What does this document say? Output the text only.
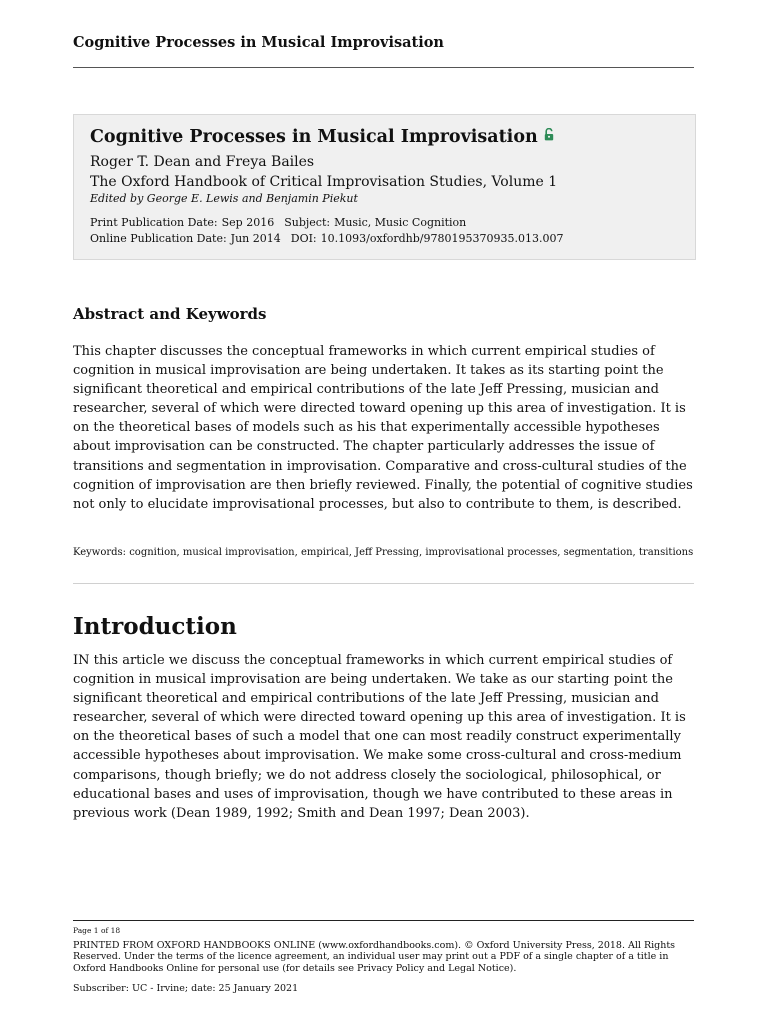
Cognitive Processes in Musical Improvisation
Cognitive Processes in Musical Improvisation
Roger T. Dean and Freya Bailes
The Oxford Handbook of Critical Improvisation Studies, Volume 1
Edited by George E. Lewis and Benjamin Piekut
Print Publication Date: Sep 2016 Subject: Music, Music Cognition
Online Publication Date: Jun 2014 DOI: 10.1093/oxfordhb/9780195370935.013.007
Abstract and Keywords

This chapter discusses the conceptual frameworks in which current empirical studies of cognition in musical improvisation are being undertaken. It takes as its starting point the significant theoretical and empirical contributions of the late Jeff Pressing, musician and researcher, several of which were directed toward opening up this area of investigation. It is on the theoretical bases of models such as his that experimentally accessible hypotheses about improvisation can be constructed. The chapter particularly addresses the issue of transitions and segmentation in improvisation. Comparative and cross-cultural studies of the cognition of improvisation are then briefly reviewed. Finally, the potential of cognitive studies not only to elucidate improvisational processes, but also to contribute to them, is described.

Keywords: cognition, musical improvisation, empirical, Jeff Pressing, improvisational processes, segmentation, transitions

Introduction

IN this article we discuss the conceptual frameworks in which current empirical studies of cognition in musical improvisation are being undertaken. We take as our starting point the significant theoretical and empirical contributions of the late Jeff Pressing, musician and researcher, several of which were directed toward opening up this area of investigation. It is on the theoretical bases of such a model that one can most readily construct experimentally accessible hypotheses about improvisation. We make some cross-cultural and cross-medium comparisons, though briefly; we do not address closely the sociological, philosophical, or educational bases and uses of improvisation, though we have contributed to these areas in previous work (Dean 1989, 1992; Smith and Dean 1997; Dean 2003).

Page 1 of 18

PRINTED FROM OXFORD HANDBOOKS ONLINE (www.oxfordhandbooks.com). © Oxford University Press, 2018. All Rights Reserved. Under the terms of the licence agreement, an individual user may print out a PDF of a single chapter of a title in Oxford Handbooks Online for personal use (for details see Privacy Policy and Legal Notice).

Subscriber: UC - Irvine; date: 25 January 2021
